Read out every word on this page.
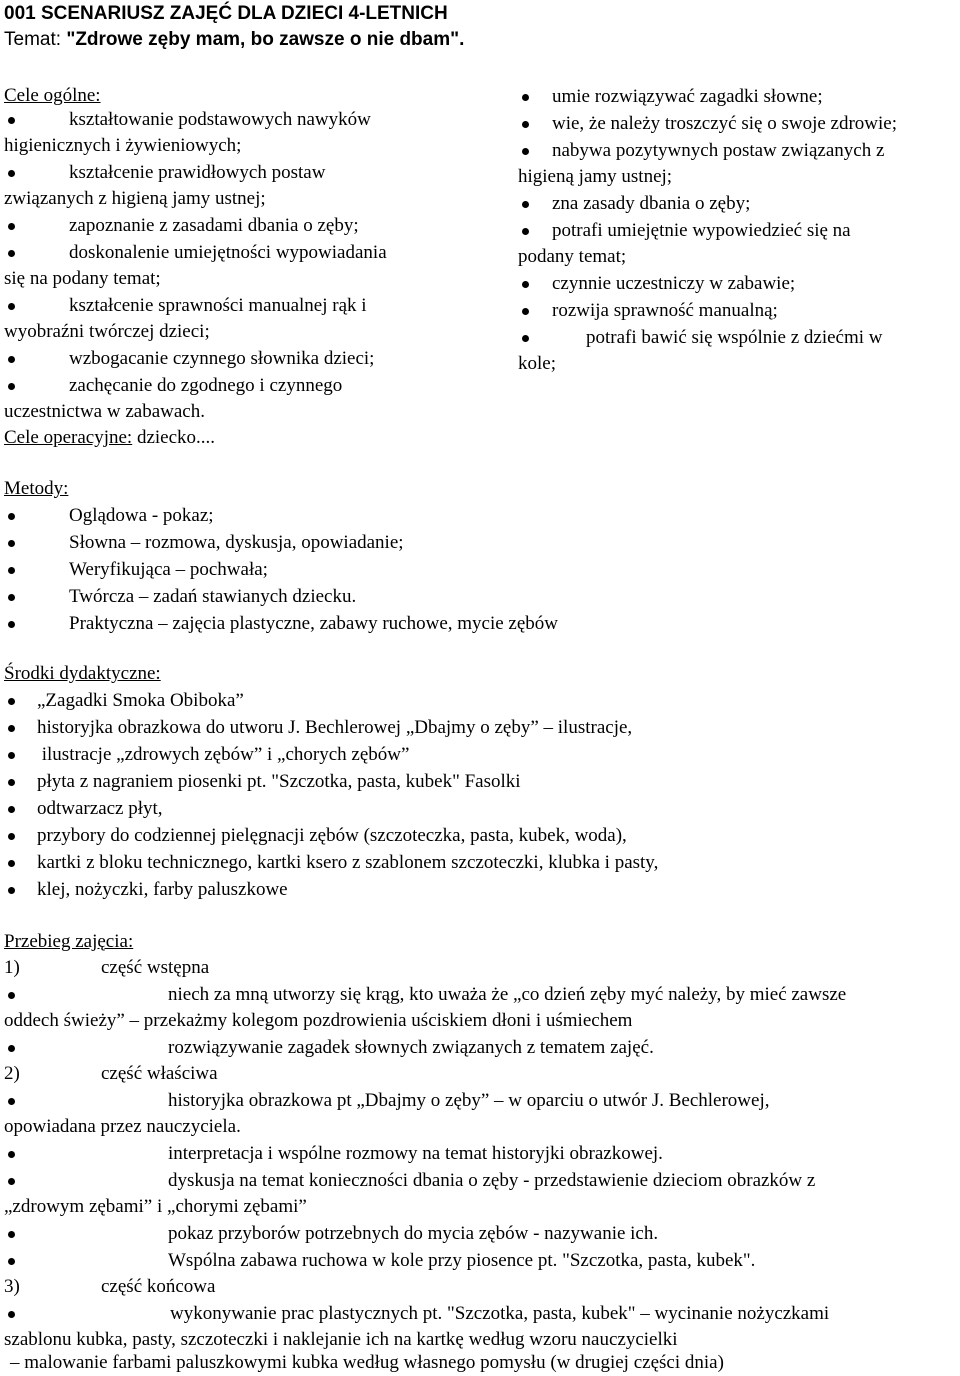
001 SCENARIUSZ ZAJĘĆ DLA DZIECI 4-LETNICH
Temat: "Zdrowe zęby mam, bo zawsze o nie dbam".
Cele ogólne:
kształtowanie podstawowych nawyków
higienicznych i żywieniowych;
kształcenie prawidłowych postaw
związanych z higieną jamy ustnej;
zapoznanie z zasadami dbania o zęby;
doskonalenie umiejętności wypowiadania
się na podany temat;
kształcenie sprawności manualnej rąk i
wyobraźni twórczej dzieci;
wzbogacanie czynnego słownika dzieci;
zachęcanie do zgodnego i czynnego
uczestnictwa w zabawach.
Cele operacyjne: dziecko....
umie rozwiązywać zagadki słowne;
wie, że należy troszczyć się o swoje zdrowie;
nabywa pozytywnych postaw związanych z
higieną jamy ustnej;
zna zasady dbania o zęby;
potrafi umiejętnie wypowiedzieć się na
podany temat;
czynnie uczestniczy w zabawie;
rozwija sprawność manualną;
potrafi bawić się wspólnie z dziećmi w
kole;
Metody:
Oglądowa - pokaz;
Słowna – rozmowa, dyskusja, opowiadanie;
Weryfikująca – pochwała;
Twórcza – zadań stawianych dziecku.
Praktyczna – zajęcia plastyczne, zabawy ruchowe, mycie zębów
Środki dydaktyczne:
„Zagadki Smoka Obiboka”
historyjka obrazkowa do utworu J. Bechlerowej „Dbajmy o zęby” – ilustracje,
ilustracje „zdrowych zębów” i „chorych zębów”
płyta z nagraniem piosenki pt. "Szczotka, pasta, kubek" Fasolki
odtwarzacz płyt,
przybory do codziennej pielęgnacji zębów (szczoteczka, pasta, kubek, woda),
kartki z bloku technicznego, kartki ksero z szablonem szczoteczki, klubka i pasty,
klej, nożyczki, farby paluszkowe
Przebieg zajęcia:
1)	część wstępna
niech za mną utworzy się krąg, kto uważa że „co dzień zęby myć należy, by mieć zawsze
oddech świeży” – przekażmy kolegom pozdrowienia uściskiem dłoni i uśmiechem
rozwiązywanie zagadek słownych związanych z tematem zajęć.
2)	część właściwa
historyjka obrazkowa pt „Dbajmy o zęby” – w oparciu o utwór J. Bechlerowej,
opowiadana przez nauczyciela.
interpretacja i wspólne rozmowy na temat historyjki obrazkowej.
dyskusja na temat konieczności dbania o zęby - przedstawienie dzieciom obrazków z
„zdrowym zębami” i „chorymi zębami”
pokaz przyborów potrzebnych do mycia zębów - nazywanie ich.
Wspólna zabawa ruchowa w kole przy piosence pt. "Szczotka, pasta, kubek".
3)	część końcowa
wykonywanie prac plastycznych pt. "Szczotka, pasta, kubek" – wycinanie nożyczkami
szablonu kubka, pasty, szczoteczki i naklejanie ich na kartkę według wzoru nauczycielki
– malowanie farbami paluszkowymi kubka według własnego pomysłu (w drugiej części dnia)
